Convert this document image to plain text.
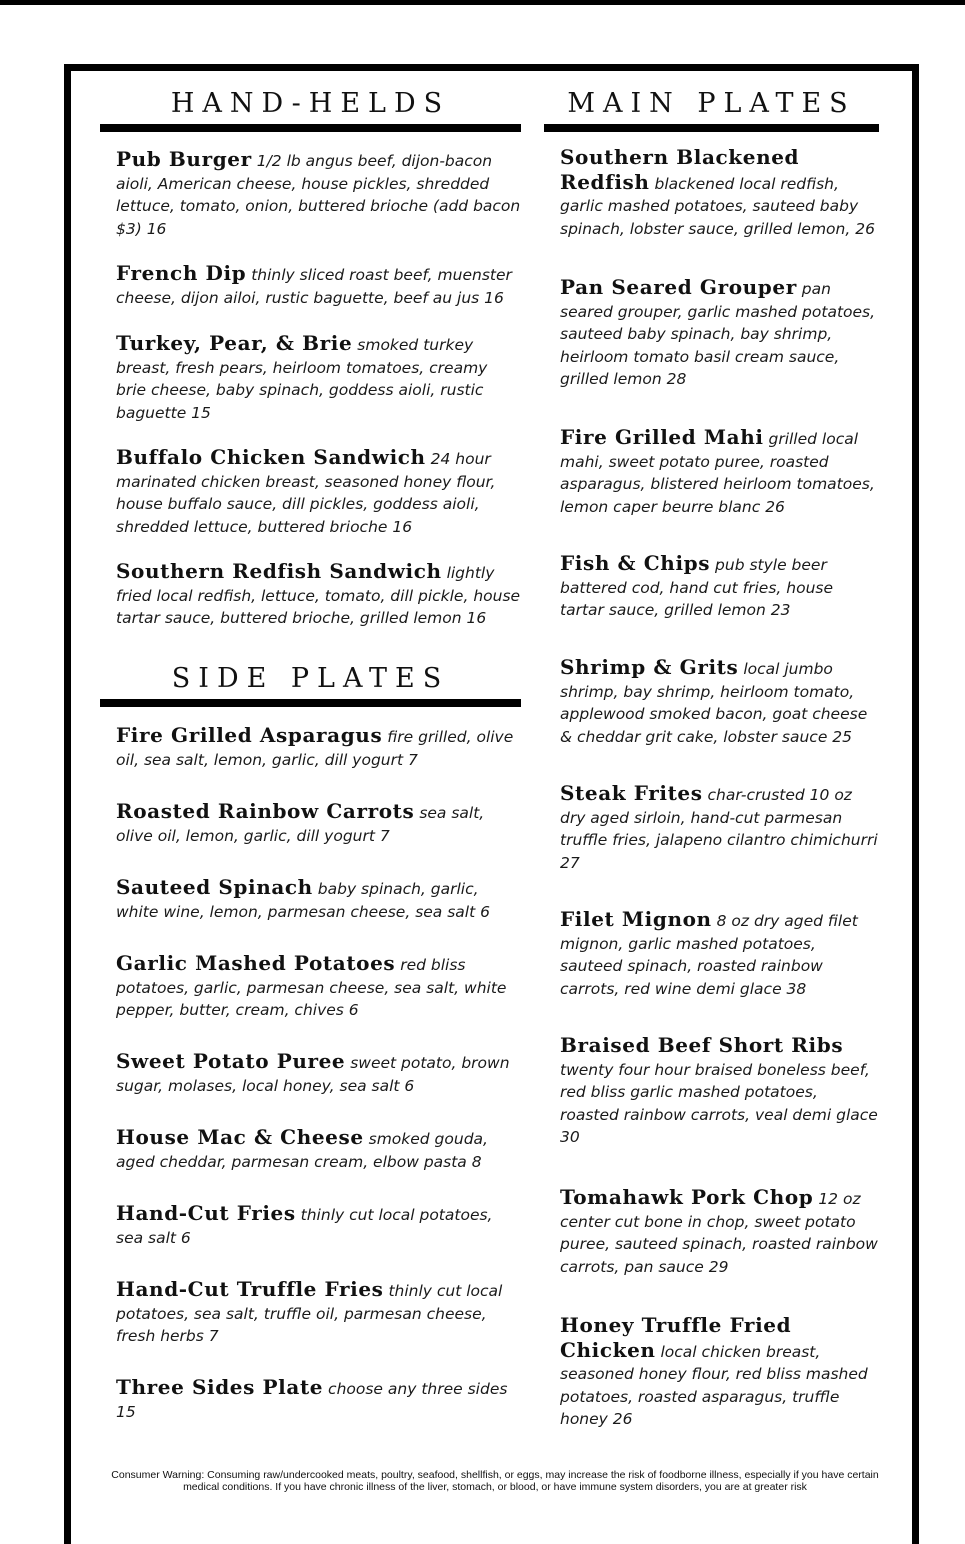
HAND-HELDS
Pub Burger 1/2 lb angus beef, dijon-bacon aioli, American cheese, house pickles, shredded lettuce, tomato, onion, buttered brioche (add bacon $3) 16
French Dip thinly sliced roast beef, muenster cheese, dijon ailoi, rustic baguette, beef au jus 16
Turkey, Pear, & Brie smoked turkey breast, fresh pears, heirloom tomatoes, creamy brie cheese, baby spinach, goddess aioli, rustic baguette 15
Buffalo Chicken Sandwich 24 hour marinated chicken breast, seasoned honey flour, house buffalo sauce, dill pickles, goddess aioli, shredded lettuce, buttered brioche 16
Southern Redfish Sandwich lightly fried local redfish, lettuce, tomato, dill pickle, house tartar sauce, buttered brioche, grilled lemon 16
SIDE PLATES
Fire Grilled Asparagus fire grilled, olive oil, sea salt, lemon, garlic, dill yogurt 7
Roasted Rainbow Carrots sea salt, olive oil, lemon, garlic, dill yogurt 7
Sauteed Spinach baby spinach, garlic, white wine, lemon, parmesan cheese, sea salt 6
Garlic Mashed Potatoes red bliss potatoes, garlic, parmesan cheese, sea salt, white pepper, butter, cream, chives 6
Sweet Potato Puree sweet potato, brown sugar, molases, local honey, sea salt 6
House Mac & Cheese smoked gouda, aged cheddar, parmesan cream, elbow pasta 8
Hand-Cut Fries thinly cut local potatoes, sea salt 6
Hand-Cut Truffle Fries thinly cut local potatoes, sea salt, truffle oil, parmesan cheese, fresh herbs 7
Three Sides Plate choose any three sides 15
MAIN PLATES
Southern Blackened Redfish blackened local redfish, garlic mashed potatoes, sauteed baby spinach, lobster sauce, grilled lemon, 26
Pan Seared Grouper pan seared grouper, garlic mashed potatoes, sauteed baby spinach, bay shrimp, heirloom tomato basil cream sauce, grilled lemon 28
Fire Grilled Mahi grilled local mahi, sweet potato puree, roasted asparagus, blistered heirloom tomatoes, lemon caper beurre blanc 26
Fish & Chips pub style beer battered cod, hand cut fries, house tartar sauce, grilled lemon 23
Shrimp & Grits local jumbo shrimp, bay shrimp, heirloom tomato, applewood smoked bacon, goat cheese & cheddar grit cake, lobster sauce 25
Steak Frites char-crusted 10 oz dry aged sirloin, hand-cut parmesan truffle fries, jalapeno cilantro chimichurri 27
Filet Mignon 8 oz dry aged filet mignon, garlic mashed potatoes, sauteed spinach, roasted rainbow carrots, red wine demi glace 38
Braised Beef Short Ribs twenty four hour braised boneless beef, red bliss garlic mashed potatoes, roasted rainbow carrots, veal demi glace 30
Tomahawk Pork Chop 12 oz center cut bone in chop, sweet potato puree, sauteed spinach, roasted rainbow carrots, pan sauce 29
Honey Truffle Fried Chicken local chicken breast, seasoned honey flour, red bliss mashed potatoes, roasted asparagus, truffle honey 26
Consumer Warning: Consuming raw/undercooked meats, poultry, seafood, shellfish, or eggs, may increase the risk of foodborne illness, especially if you have certain medical conditions. If you have chronic illness of the liver, stomach, or blood, or have immune system disorders, you are at greater risk
